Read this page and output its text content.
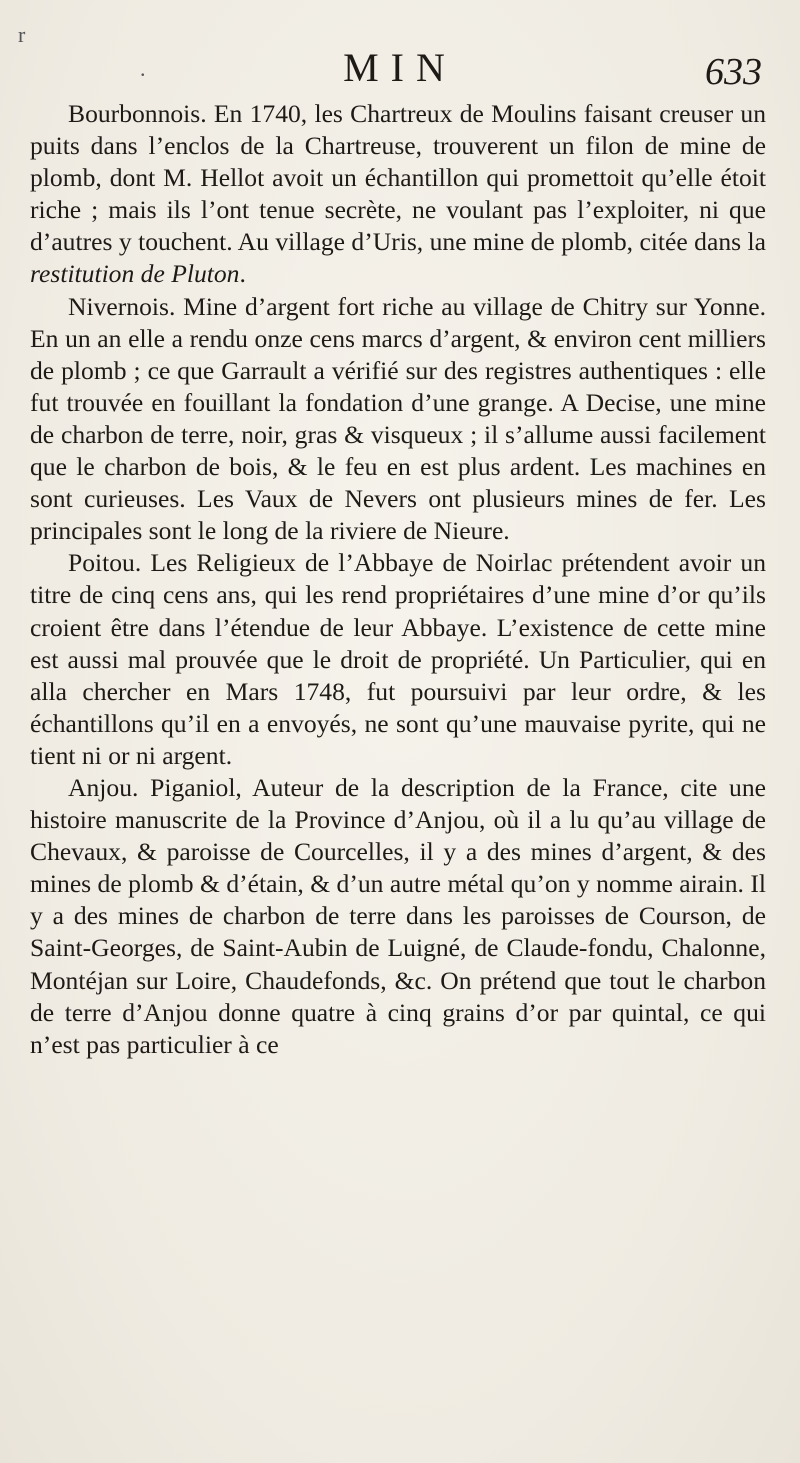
r
.	MIN	633

Bourbonnois. En 1740, les Chartreux de Moulins faisant creuser un puits dans l’enclos de la Chartreuse, trouverent un filon de mine de plomb, dont M. Hellot avoit un échantillon qui promettoit qu’elle étoit riche ; mais ils l’ont tenue secrète, ne voulant pas l’exploiter, ni que d’autres y touchent. Au village d’Uris, une mine de plomb, citée dans la restitution de Pluton.

Nivernois. Mine d’argent fort riche au village de Chitry sur Yonne. En un an elle a rendu onze cens marcs d’argent, & environ cent milliers de plomb ; ce que Garrault a vérifié sur des registres authentiques : elle fut trouvée en fouillant la fondation d’une grange. A Decise, une mine de charbon de terre, noir, gras & visqueux ; il s’allume aussi facilement que le charbon de bois, & le feu en est plus ardent. Les machines en sont curieuses. Les Vaux de Nevers ont plusieurs mines de fer. Les principales sont le long de la riviere de Nieure.

Poitou. Les Religieux de l’Abbaye de Noirlac prétendent avoir un titre de cinq cens ans, qui les rend propriétaires d’une mine d’or qu’ils croient être dans l’étendue de leur Abbaye. L’existence de cette mine est aussi mal prouvée que le droit de propriété. Un Particulier, qui en alla chercher en Mars 1748, fut poursuivi par leur ordre, & les échantillons qu’il en a envoyés, ne sont qu’une mauvaise pyrite, qui ne tient ni or ni argent.

Anjou. Piganiol, Auteur de la description de la France, cite une histoire manuscrite de la Province d’Anjou, où il a lu qu’au village de Chevaux, & paroisse de Courcelles, il y a des mines d’argent, & des mines de plomb & d’étain, & d’un autre métal qu’on y nomme airain. Il y a des mines de charbon de terre dans les paroisses de Courson, de Saint-Georges, de Saint-Aubin de Luigné, de Claude-fondu, Chalonne, Montéjan sur Loire, Chaudefonds, &c. On prétend que tout le charbon de terre d’Anjou donne quatre à cinq grains d’or par quintal, ce qui n’est pas particulier à ce
